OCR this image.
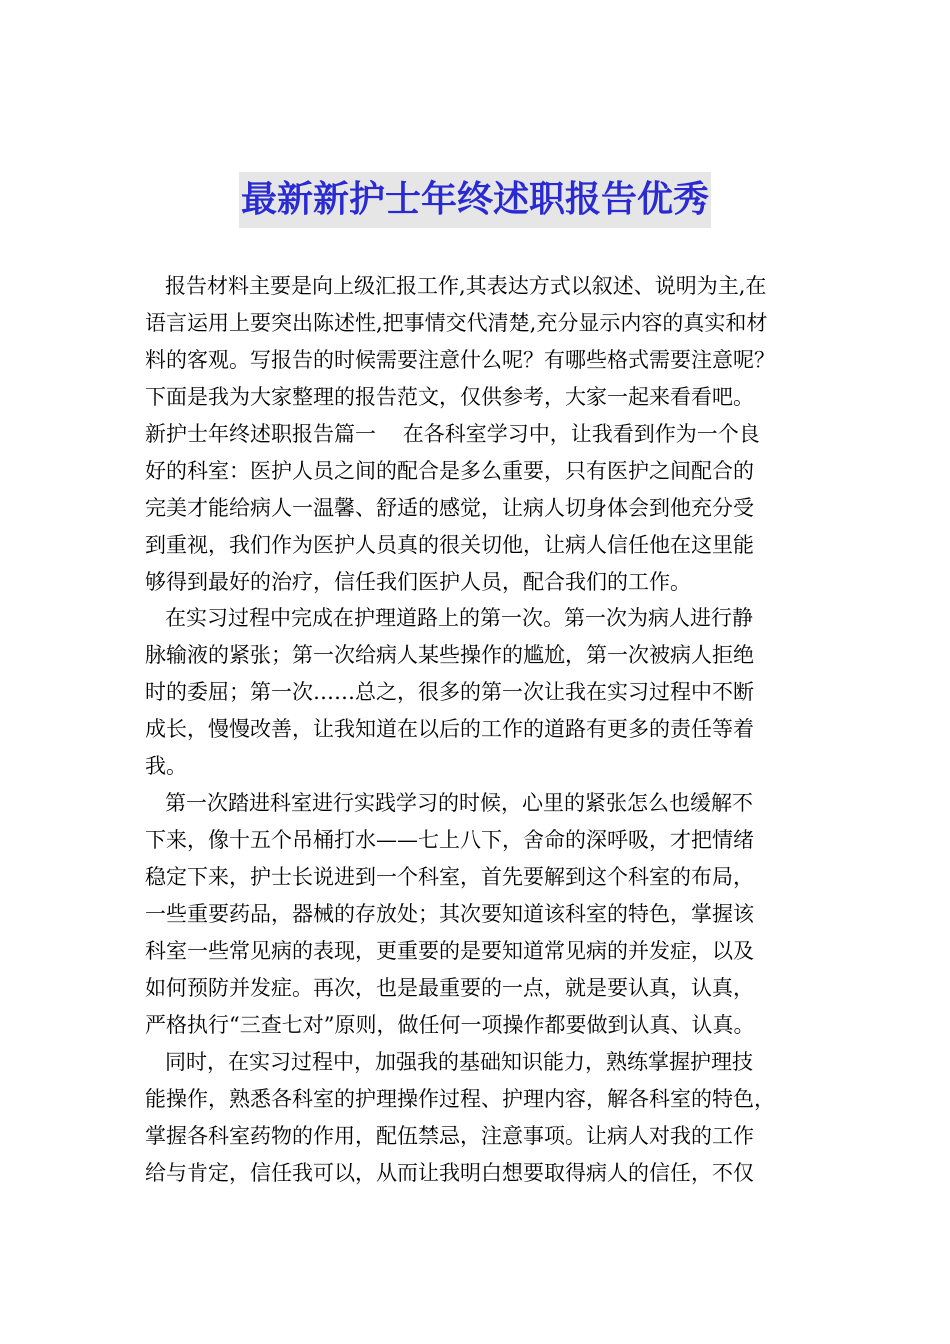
最新新护士年终述职报告优秀
报告材料主要是向上级汇报工作,其表达方式以叙述、说明为主,在
语言运用上要突出陈述性,把事情交代清楚,充分显示内容的真实和材
料的客观。写报告的时候需要注意什么呢？有哪些格式需要注意呢？
下面是我为大家整理的报告范文，仅供参考，大家一起来看看吧。
新护士年终述职报告篇一    在各科室学习中，让我看到作为一个良
好的科室：医护人员之间的配合是多么重要，只有医护之间配合的
完美才能给病人一温馨、舒适的感觉，让病人切身体会到他充分受
到重视，我们作为医护人员真的很关切他，让病人信任他在这里能
够得到最好的治疗，信任我们医护人员，配合我们的工作。
在实习过程中完成在护理道路上的第一次。第一次为病人进行静
脉输液的紧张；第一次给病人某些操作的尴尬，第一次被病人拒绝
时的委屈；第一次……总之，很多的第一次让我在实习过程中不断
成长，慢慢改善，让我知道在以后的工作的道路有更多的责任等着
我。
第一次踏进科室进行实践学习的时候，心里的紧张怎么也缓解不
下来，像十五个吊桶打水——七上八下，舍命的深呼吸，才把情绪
稳定下来，护士长说进到一个科室，首先要解到这个科室的布局，
一些重要药品，器械的存放处；其次要知道该科室的特色，掌握该
科室一些常见病的表现，更重要的是要知道常见病的并发症，以及
如何预防并发症。再次，也是最重要的一点，就是要认真，认真，
严格执行“三查七对”原则，做任何一项操作都要做到认真、认真。
同时，在实习过程中，加强我的基础知识能力，熟练掌握护理技
能操作，熟悉各科室的护理操作过程、护理内容，解各科室的特色，
掌握各科室药物的作用，配伍禁忌，注意事项。让病人对我的工作
给与肯定，信任我可以，从而让我明白想要取得病人的信任，不仅
